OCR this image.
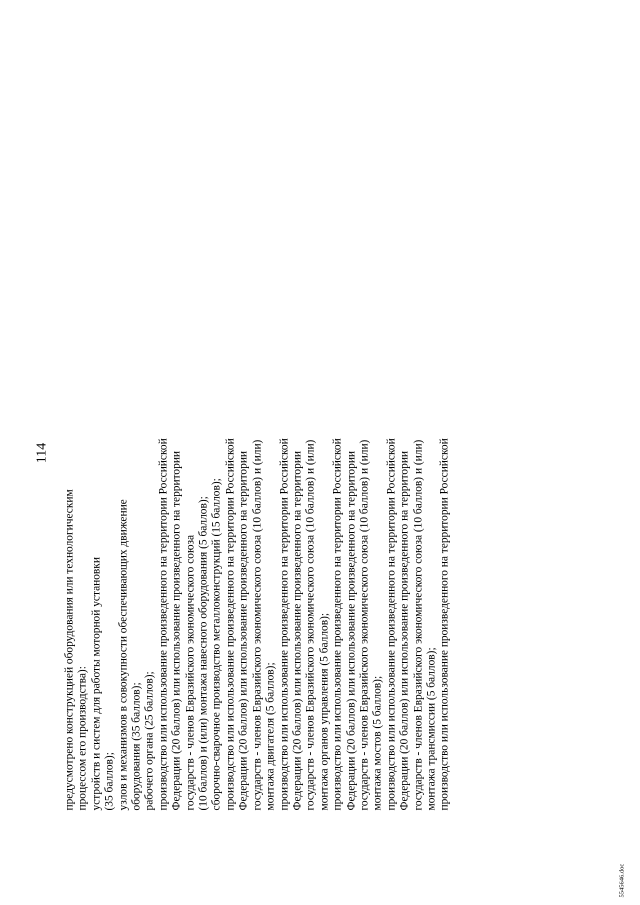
114
предусмотрено конструкцией оборудования или технологическим процессом его производства): устройств и систем для работы моторной установки (35 баллов); узлов и механизмов в совокупности обеспечивающих движение оборудования (35 баллов); рабочего органа (25 баллов); производство или использование произведенного на территории Российской Федерации (20 баллов) или использование произведенного на территории государств - членов Евразийского экономического союза (10 баллов) и (или) монтажа навесного оборудования (5 баллов); сборочно-сварочное производство металлоконструкций (15 баллов); производство или использование произведенного на территории Российской Федерации (20 баллов) или использование произведенного на территории государств - членов Евразийского экономического союза (10 баллов) и (или) монтажа двигателя (5 баллов); производство или использование произведенного на территории Российской Федерации (20 баллов) или использование произведенного на территории государств - членов Евразийского экономического союза (10 баллов) и (или) монтажа органов управления (5 баллов); производство или использование произведенного на территории Российской Федерации (20 баллов) или использование произведенного на территории государств - членов Евразийского экономического союза (10 баллов) и (или) монтажа мостов (5 баллов); производство или использование произведенного на территории Российской Федерации (20 баллов) или использование произведенного на территории государств - членов Евразийского экономического союза (10 баллов) и (или) монтажа трансмиссии (5 баллов); производство или использование произведенного на территории Российской
5545646.doc
